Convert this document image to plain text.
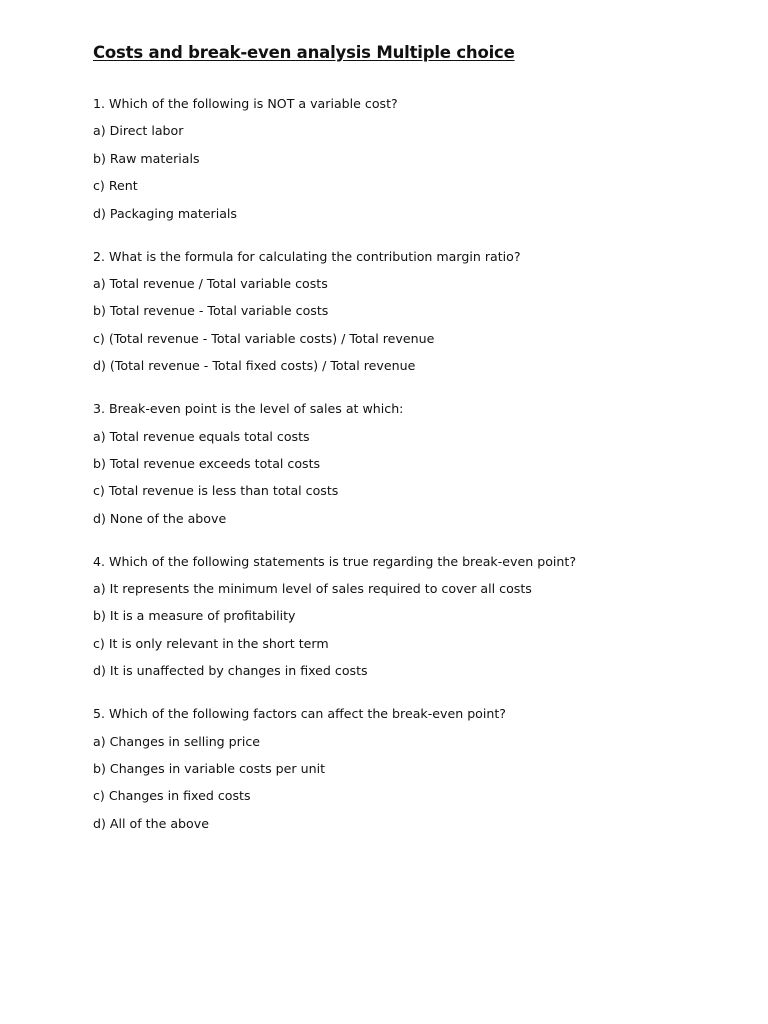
Costs and break-even analysis Multiple choice

1. Which of the following is NOT a variable cost?

a) Direct labor

b) Raw materials

c) Rent

d) Packaging materials

2. What is the formula for calculating the contribution margin ratio?

a) Total revenue / Total variable costs

b) Total revenue - Total variable costs

c) (Total revenue - Total variable costs) / Total revenue

d) (Total revenue - Total fixed costs) / Total revenue

3. Break-even point is the level of sales at which:

a) Total revenue equals total costs

b) Total revenue exceeds total costs

c) Total revenue is less than total costs

d) None of the above

4. Which of the following statements is true regarding the break-even point?

a) It represents the minimum level of sales required to cover all costs

b) It is a measure of profitability

c) It is only relevant in the short term

d) It is unaffected by changes in fixed costs

5. Which of the following factors can affect the break-even point?

a) Changes in selling price

b) Changes in variable costs per unit

c) Changes in fixed costs

d) All of the above
